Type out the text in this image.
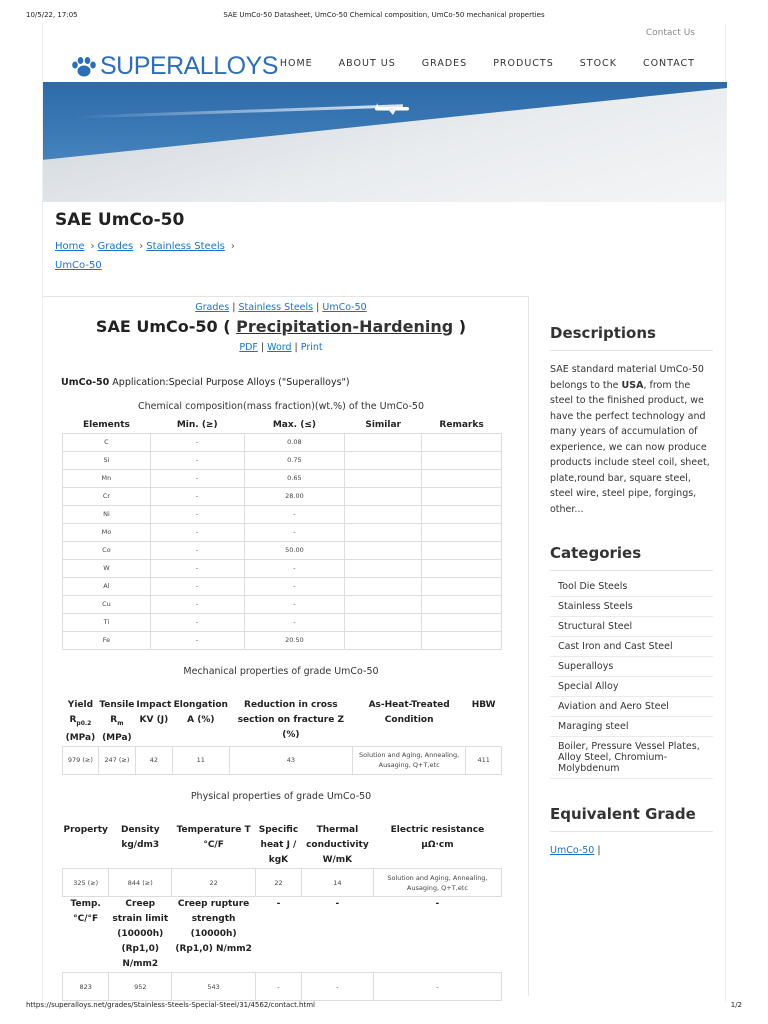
10/5/22, 17:05	SAE UmCo-50 Datasheet, UmCo-50 Chemical composition, UmCo-50 mechanical properties
Contact Us
SUPERALLOYS HOME	ABOUT US	GRADES	PRODUCTS	STOCK	CONTACT
SAE UmCo-50
Home › Grades › Stainless Steels ›
UmCo-50
Grades | Stainless Steels | UmCo-50
SAE UmCo-50 ( Precipitation-Hardening )
PDF | Word | Print

UmCo-50 Application:Special Purpose Alloys ("Superalloys")

Chemical composition(mass fraction)(wt.%) of the UmCo-50

Elements	Min. (≥)	Max. (≤)	Similar	Remarks
C	-	0.08		
Si	-	0.75		
Mn	-	0.65		
Cr	-	28.00		
Ni	-	-		
Mo	-	-		
Co	-	50.00		
W	-	-		
Al	-	-		
Cu	-	-		
Ti	-	-		
Fe	-	20.50		

Mechanical properties of grade UmCo-50

Yield
$R_{p0.2}$
(MPa)	Tensile
$R_m$
(MPa)	Impact KV (J)	Elongation A (%)	Reduction in cross section on fracture Z (%)	As-Heat-Treated Condition	HBW
979 (≥)	247 (≥)	42	11	43	Solution and Aging, Annealing, Ausaging, Q+T,etc	411

Physical properties of grade UmCo-50

Property	Density kg/dm3	Temperature T °C/F	Specific heat J / kgK	Thermal conductivity W/mK	Electric resistance µΩ·cm
325 (≥)	844 (≥)	22	22	14	Solution and Aging, Annealing, Ausaging, Q+T,etc
Temp. °C/°F	Creep strain limit (10000h) (Rp1,0) N/mm2	Creep rupture strength (10000h) (Rp1,0) N/mm2	-	-	-
823	952	543	-	-	-
Descriptions

SAE standard material UmCo-50 belongs to the USA, from the steel to the finished product, we have the perfect technology and many years of accumulation of experience, we can now produce products include steel coil, sheet, plate,round bar, square steel, steel wire, steel pipe, forgings, other...

Categories
Tool Die Steels
Stainless Steels
Structural Steel
Cast Iron and Cast Steel
Superalloys
Special Alloy
Aviation and Aero Steel
Maraging steel
Boiler, Pressure Vessel Plates, Alloy Steel, Chromium-Molybdenum
Equivalent Grade

UmCo-50 |

https://superalloys.net/grades/Stainless-Steels-Special-Steel/31/4562/contact.html	1/2
